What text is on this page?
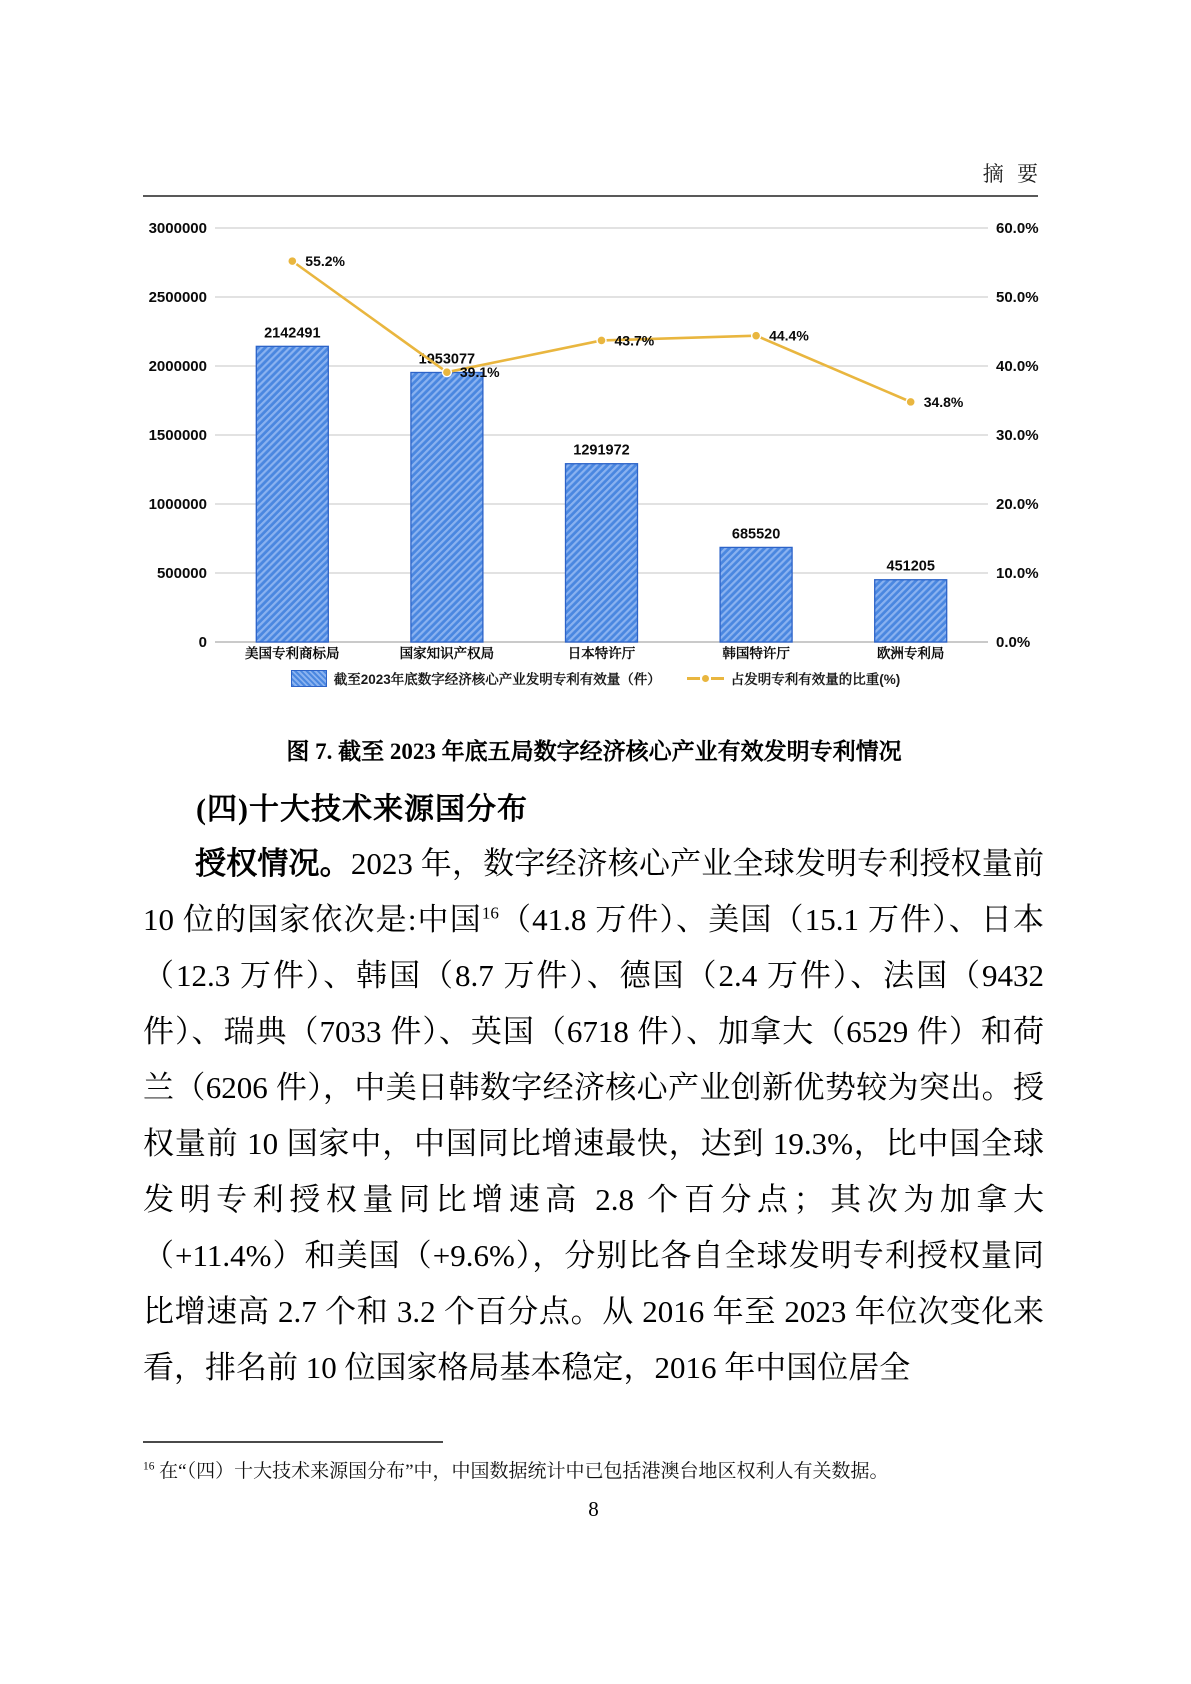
摘 要
0	0.0%
500000	10.0%
1000000	20.0%
1500000	30.0%
2000000	40.0%
2500000	50.0%
3000000	60.0%
2142491
美国专利商标局
1953077
国家知识产权局
1291972
日本特许厅
685520
韩国特许厅
451205
欧洲专利局
55.2%
39.1%
43.7%	44.4%
34.8%
截至2023年底数字经济核心产业发明专利有效量（件）	占发明专利有效量的比重(%)
图 7. 截至 2023 年底五局数字经济核心产业有效发明专利情况
(四)十大技术来源国分布
授权情况。2023 年，数字经济核心产业全球发明专利授权量前 10 位的国家依次是:中国$^{16}$（41.8 万件）、美国（15.1 万件）、日本（12.3 万件）、韩国（8.7 万件）、德国（2.4 万件）、法国（9432 件）、瑞典（7033 件）、英国（6718 件）、加拿大（6529 件）和荷兰（6206 件），中美日韩数字经济核心产业创新优势较为突出。授权量前 10 国家中，中国同比增速最快，达到 19.3%，比中国全球发明专利授权量同比增速高 2.8 个百分点；其次为加拿大（+11.4%）和美国（+9.6%），分别比各自全球发明专利授权量同比增速高 2.7 个和 3.2 个百分点。从 2016 年至 2023 年位次变化来看，排名前 10 位国家格局基本稳定，2016 年中国位居全
$^{16}$ 在“（四）十大技术来源国分布”中，中国数据统计中已包括港澳台地区权利人有关数据。
8
